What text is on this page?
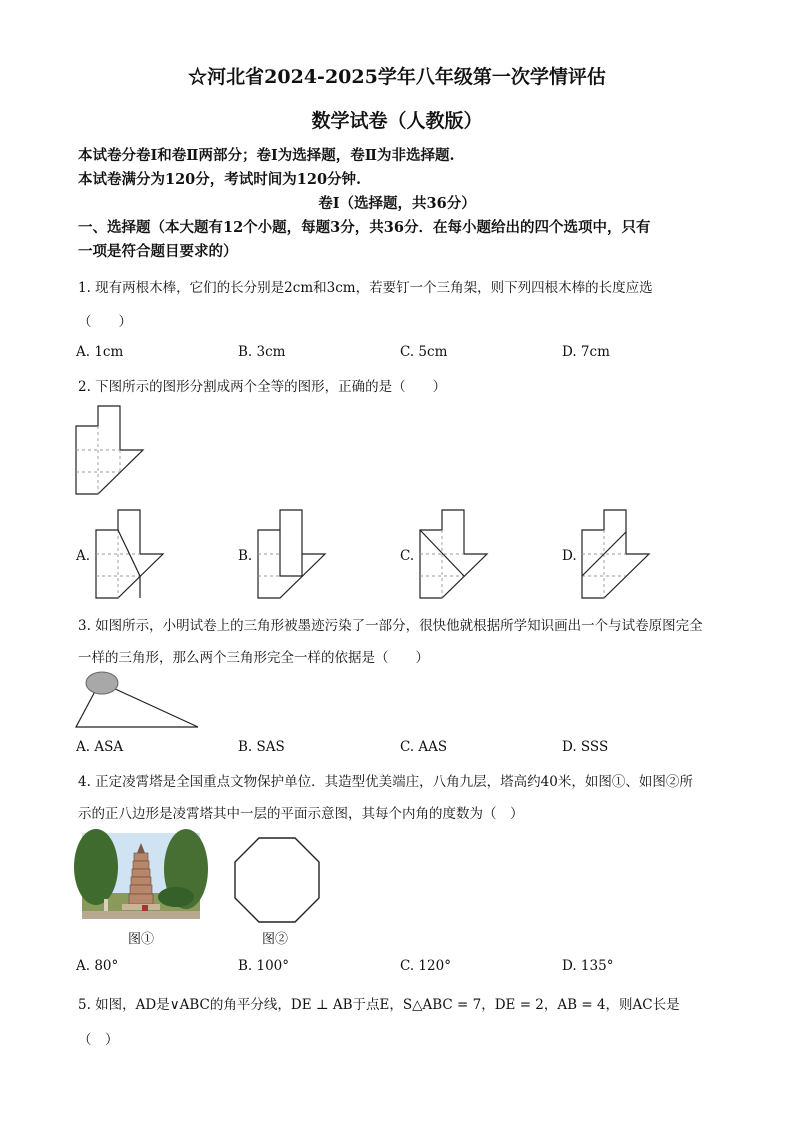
☆河北省2024-2025学年八年级第一次学情评估
数学试卷（人教版）
本试卷分卷Ⅰ和卷Ⅱ两部分；卷Ⅰ为选择题，卷Ⅱ为非选择题.
本试卷满分为120分，考试时间为120分钟.
卷Ⅰ（选择题，共36分）
一、选择题（本大题有12个小题，每题3分，共36分．在每小题给出的四个选项中，只有
一项是符合题目要求的）
1. 现有两根木棒，它们的长分别是2cm和3cm，若要钉一个三角架，则下列四根木棒的长度应选
（　　）
A. 1cm	B. 3cm	C. 5cm	D. 7cm
2. 下图所示的图形分割成两个全等的图形，正确的是（　　）
A.	B.	C.	D.
3. 如图所示，小明试卷上的三角形被墨迹污染了一部分，很快他就根据所学知识画出一个与试卷原图完全
一样的三角形，那么两个三角形完全一样的依据是（　　）
A. ASA	B. SAS	C. AAS	D. SSS
4. 正定凌霄塔是全国重点文物保护单位．其造型优美端庄，八角九层，塔高约40米，如图①、如图②所
示的正八边形是凌霄塔其中一层的平面示意图，其每个内角的度数为（　）
图①	图②
A. 80°	B. 100°	C. 120°	D. 135°
5. 如图，AD是∨ABC的角平分线，DE ⊥ AB于点E，S△ABC = 7，DE = 2，AB = 4，则AC长是
（　）
